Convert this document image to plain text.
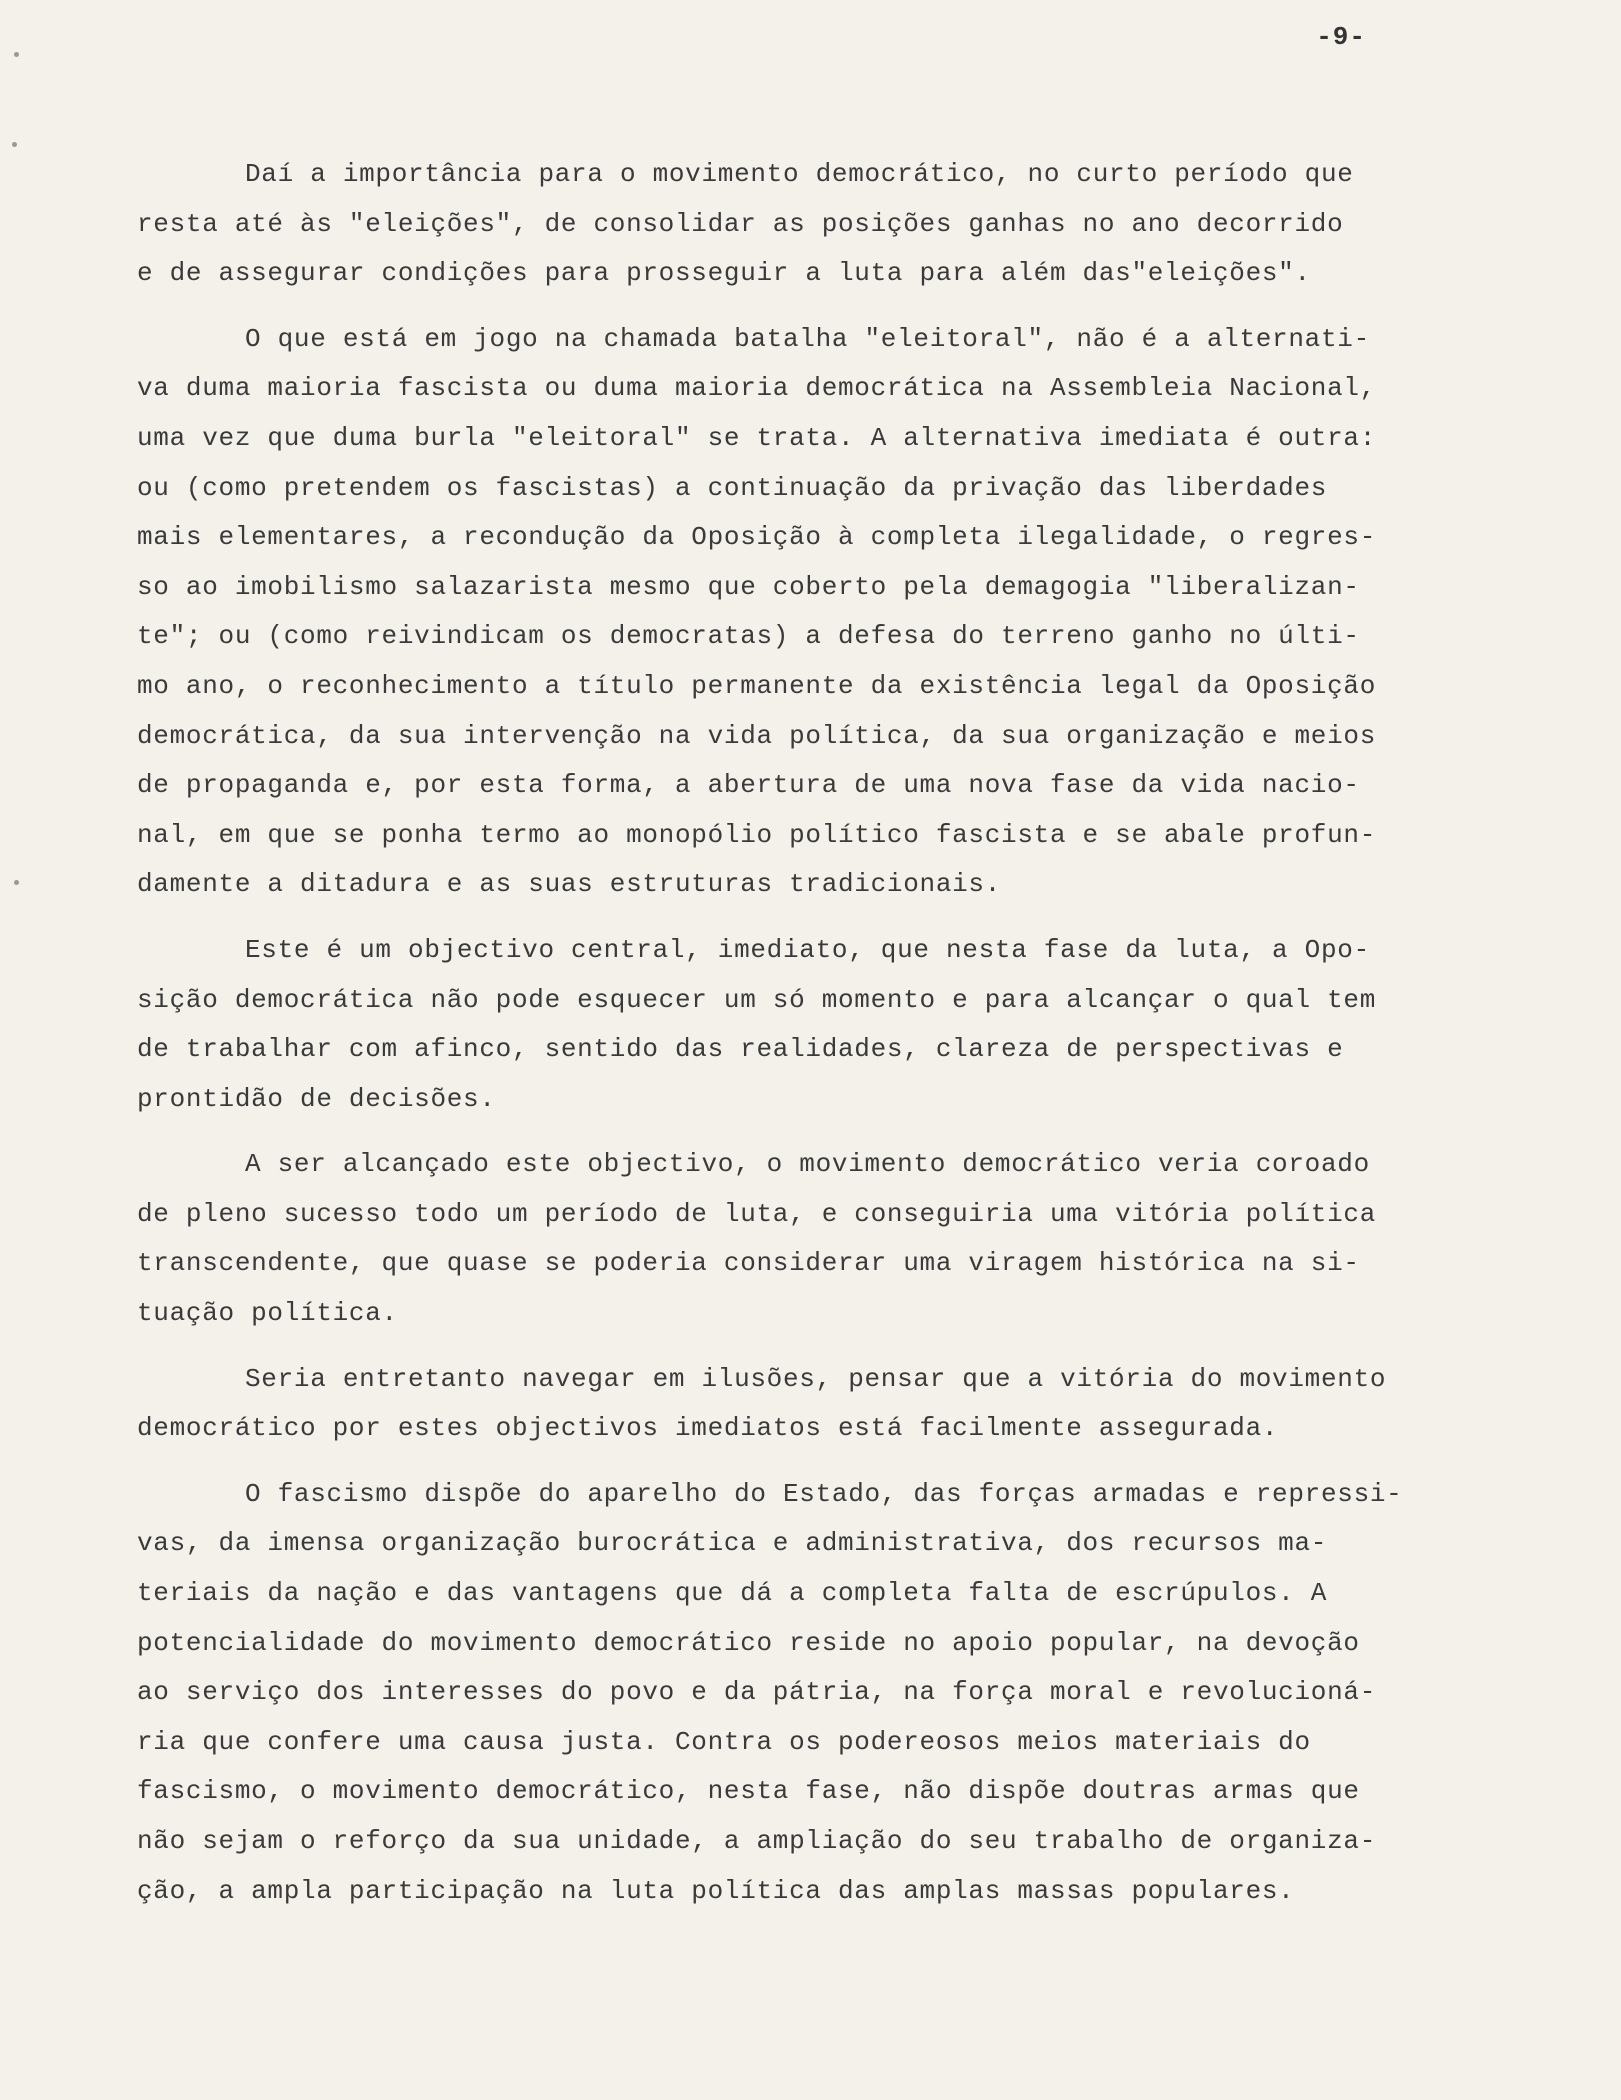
-9-
Daí a importância para o movimento democrático, no curto período que
resta até às "eleições", de consolidar as posições ganhas no ano decorrido
e de assegurar condições para prosseguir a luta para além das"eleições".
O que está em jogo na chamada batalha "eleitoral", não é a alternati-
va duma maioria fascista ou duma maioria democrática na Assembleia Nacional,
uma vez que duma burla "eleitoral" se trata. A alternativa imediata é outra:
ou (como pretendem os fascistas) a continuação da privação das liberdades
mais elementares, a recondução da Oposição à completa ilegalidade, o regres-
so ao imobilismo salazarista mesmo que coberto pela demagogia "liberalizan-
te"; ou (como reivindicam os democratas) a defesa do terreno ganho no últi-
mo ano, o reconhecimento a título permanente da existência legal da Oposição
democrática, da sua intervenção na vida política, da sua organização e meios
de propaganda e, por esta forma, a abertura de uma nova fase da vida nacio-
nal, em que se ponha termo ao monopólio político fascista e se abale profun-
damente a ditadura e as suas estruturas tradicionais.
Este é um objectivo central, imediato, que nesta fase da luta, a Opo-
sição democrática não pode esquecer um só momento e para alcançar o qual tem
de trabalhar com afinco, sentido das realidades, clareza de perspectivas e
prontidão de decisões.
A ser alcançado este objectivo, o movimento democrático veria coroado
de pleno sucesso todo um período de luta, e conseguiria uma vitória política
transcendente, que quase se poderia considerar uma viragem histórica na si-
tuação política.
Seria entretanto navegar em ilusões, pensar que a vitória do movimento
democrático por estes objectivos imediatos está facilmente assegurada.
O fascismo dispõe do aparelho do Estado, das forças armadas e repressi-
vas, da imensa organização burocrática e administrativa, dos recursos ma-
teriais da nação e das vantagens que dá a completa falta de escrúpulos. A
potencialidade do movimento democrático reside no apoio popular, na devoção
ao serviço dos interesses do povo e da pátria, na força moral e revolucioná-
ria que confere uma causa justa. Contra os podereosos meios materiais do
fascismo, o movimento democrático, nesta fase, não dispõe doutras armas que
não sejam o reforço da sua unidade, a ampliação do seu trabalho de organiza-
ção, a ampla participação na luta política das amplas massas populares.
